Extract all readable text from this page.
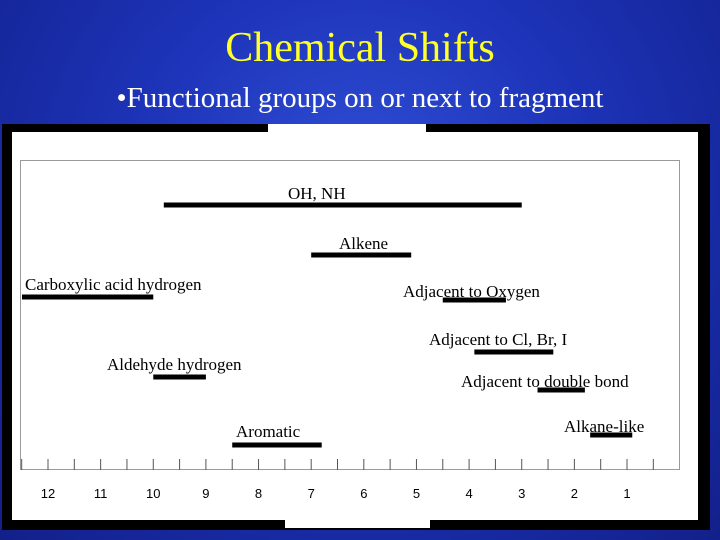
Chemical Shifts
•Functional groups on or next to fragment
12	11	10	9	8	7	6	5	4	3	2	1
OH, NH
Alkene
Carboxylic acid hydrogen	Adjacent to Oxygen
Adjacent to Cl, Br, I
Aldehyde hydrogen
Adjacent to double bond
Aromatic	Alkane-like
